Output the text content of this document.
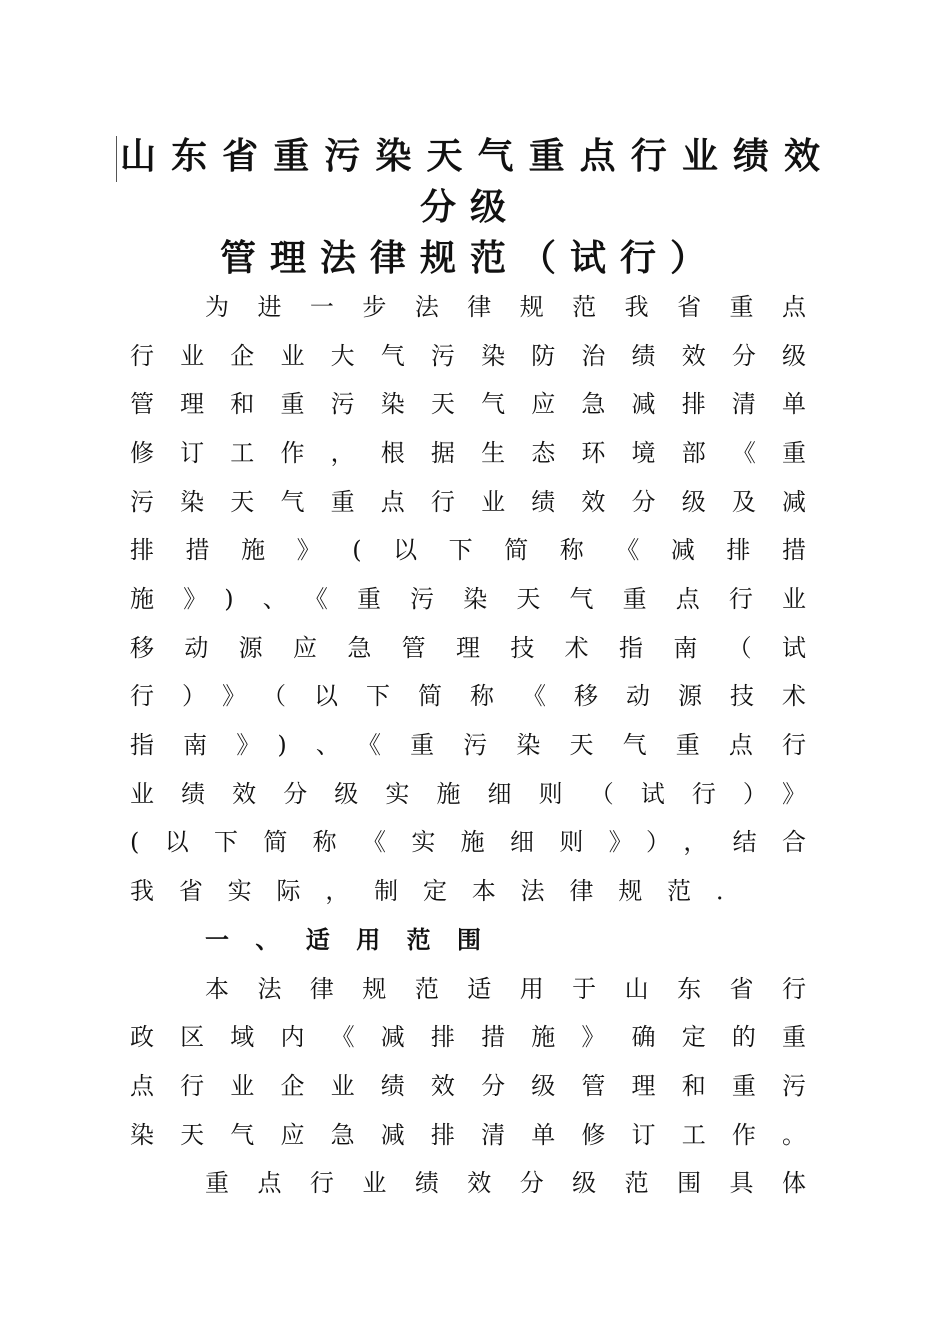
山东省重污染天气重点行业绩效
分级
管理法律规范（试行）
为进一步法律规范我省重点
行业企业大气污染防治绩效分级
管理和重污染天气应急减排清单
修订工作，根据生态环境部《重
污染天气重点行业绩效分级及减
排措施》(以下简称《减排措
施》)、《重污染天气重点行业
移动源应急管理技术指南（试
行）》（以下简称《移动源技术
指南》)、《重污染天气重点行
业绩效分级实施细则（试行）》
(以下简称《实施细则》），结合
我省实际，制定本法律规范．
一、适用范围
本法律规范适用于山东省行
政区域内《减排措施》确定的重
点行业企业绩效分级管理和重污
染天气应急减排清单修订工作。
重点行业绩效分级范围具体
